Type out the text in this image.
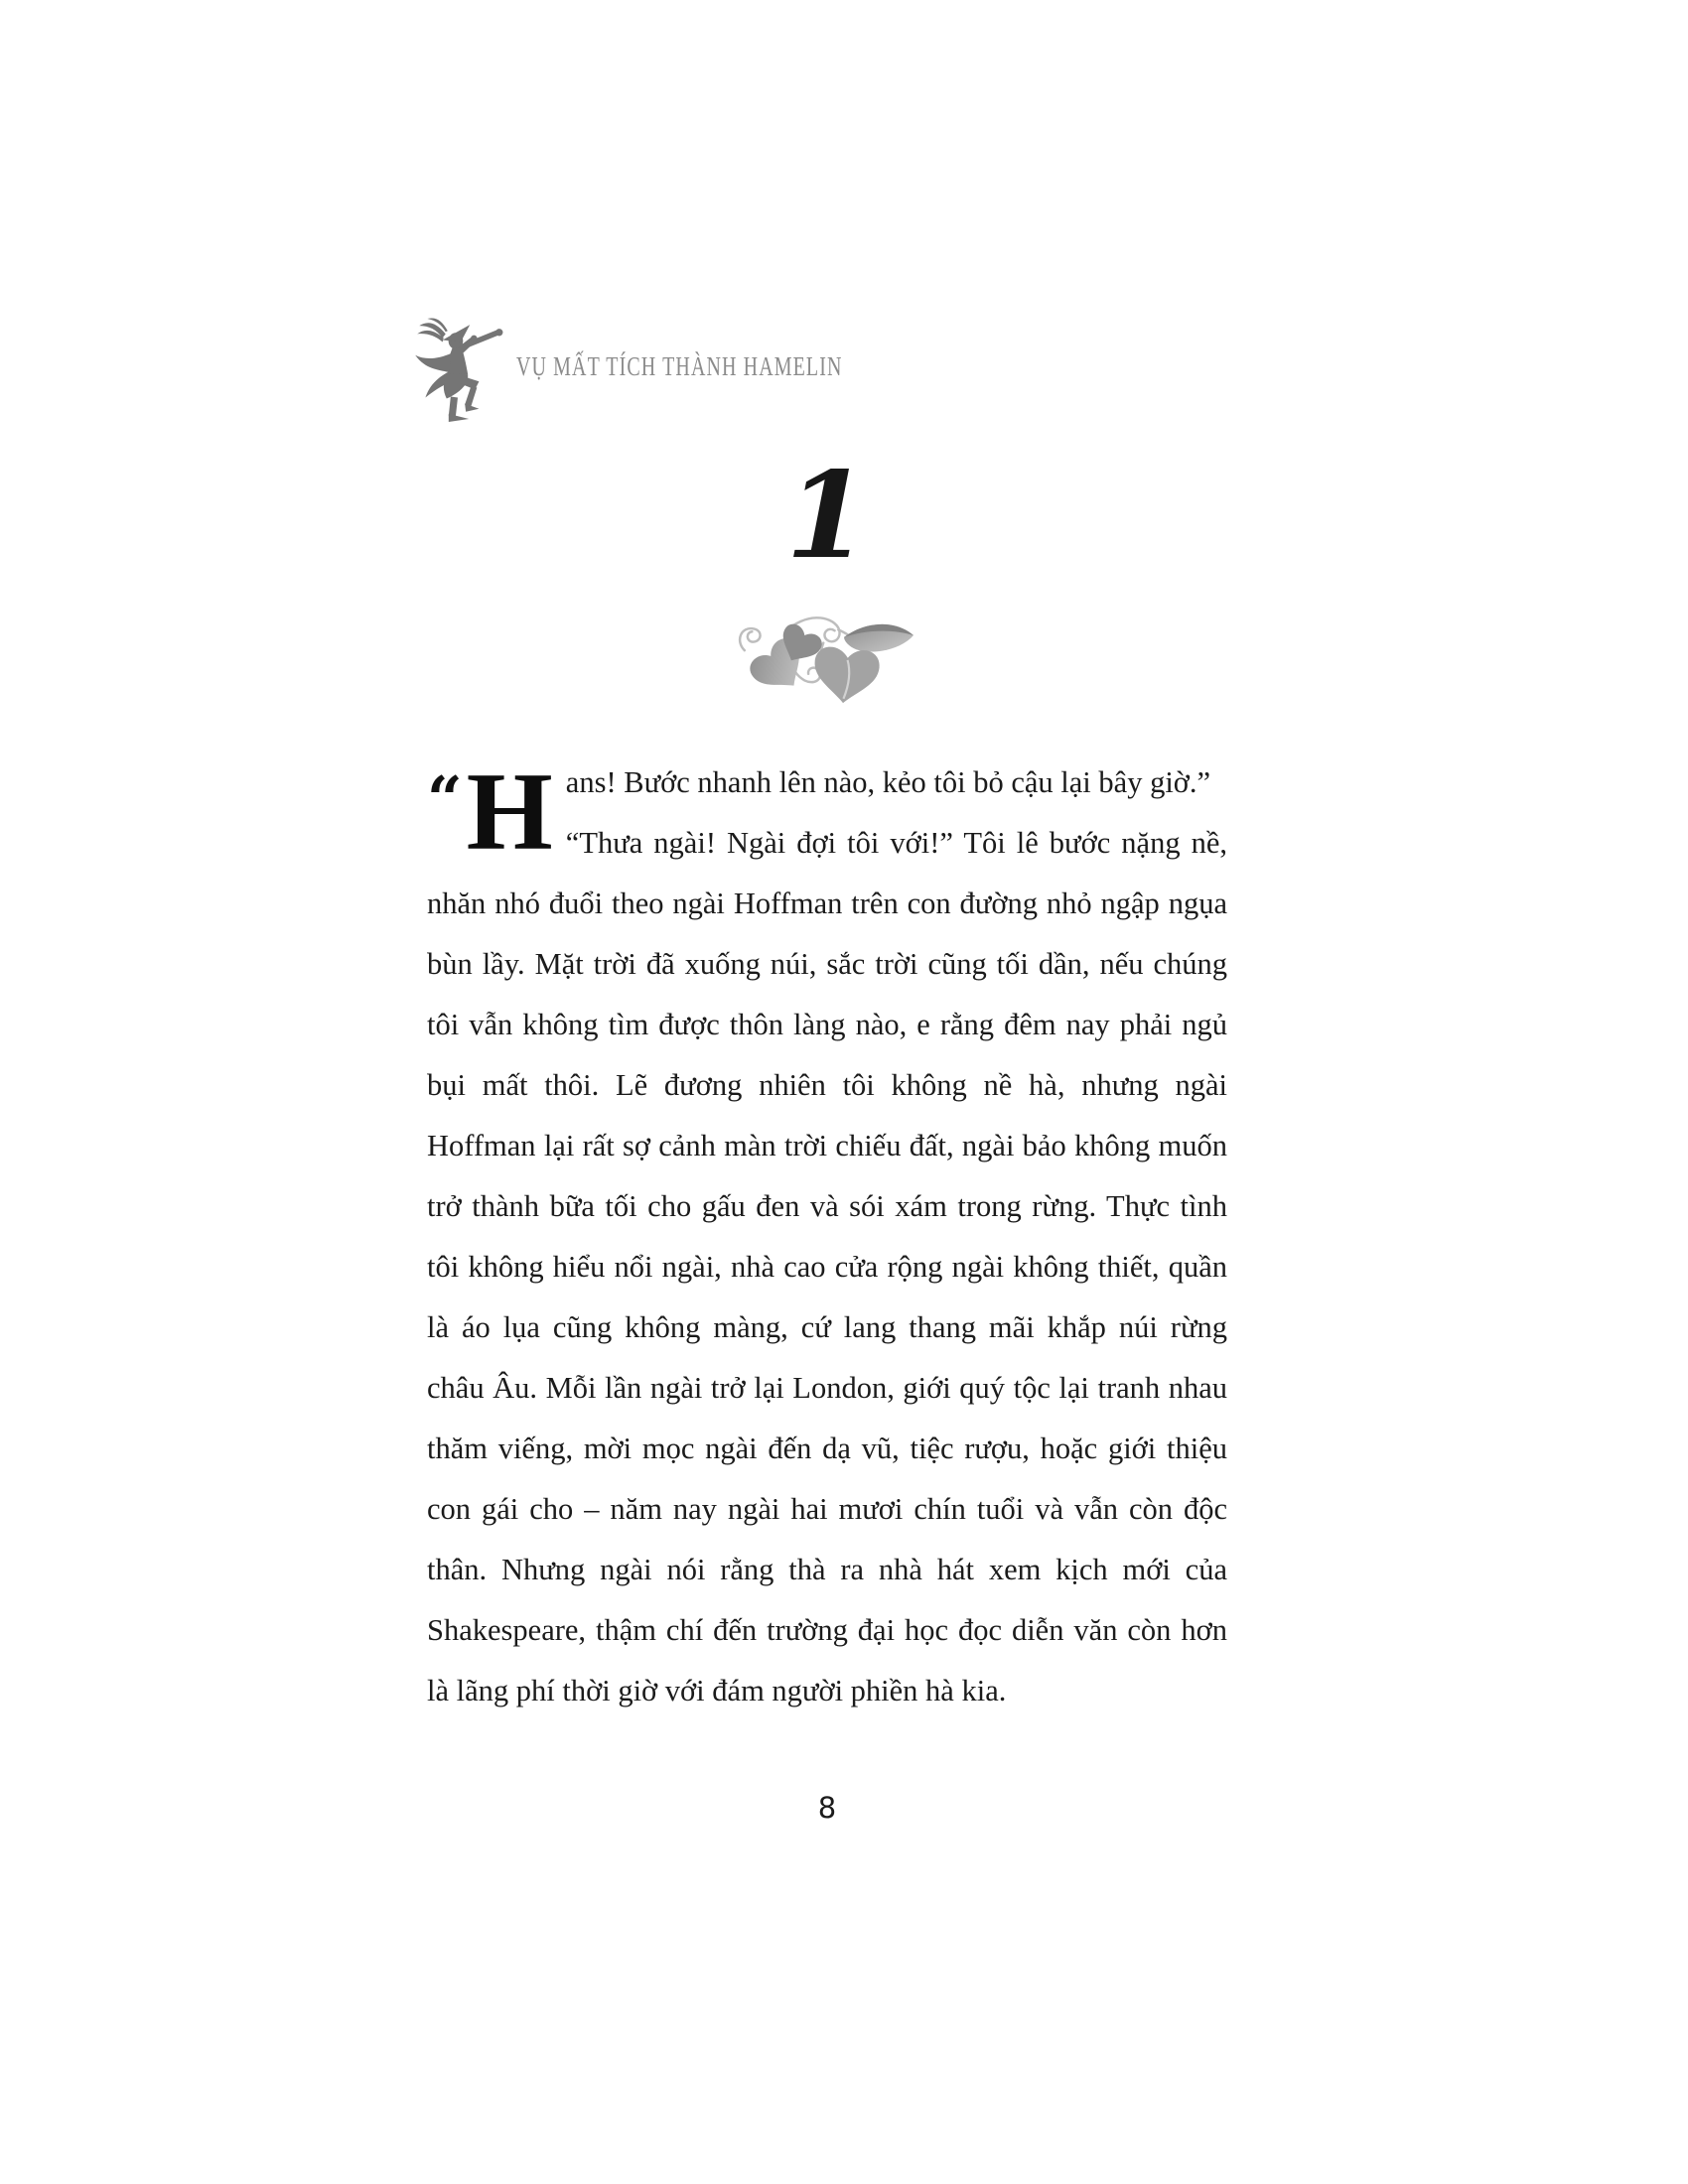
VỤ MẤT TÍCH THÀNH HAMELIN
1
“ H ans! Bước nhanh lên nào, kẻo tôi bỏ cậu lại bây giờ.”

“Thưa ngài! Ngài đợi tôi với!” Tôi lê bước nặng nề, nhăn nhó đuổi theo ngài Hoffman trên con đường nhỏ ngập ngụa bùn lầy. Mặt trời đã xuống núi, sắc trời cũng tối dần, nếu chúng tôi vẫn không tìm được thôn làng nào, e rằng đêm nay phải ngủ bụi mất thôi. Lẽ đương nhiên tôi không nề hà, nhưng ngài Hoffman lại rất sợ cảnh màn trời chiếu đất, ngài bảo không muốn trở thành bữa tối cho gấu đen và sói xám trong rừng. Thực tình tôi không hiểu nổi ngài, nhà cao cửa rộng ngài không thiết, quần là áo lụa cũng không màng, cứ lang thang mãi khắp núi rừng châu Âu. Mỗi lần ngài trở lại London, giới quý tộc lại tranh nhau thăm viếng, mời mọc ngài đến dạ vũ, tiệc rượu, hoặc giới thiệu con gái cho – năm nay ngài hai mươi chín tuổi và vẫn còn độc thân. Nhưng ngài nói rằng thà ra nhà hát xem kịch mới của Shakespeare, thậm chí đến trường đại học đọc diễn văn còn hơn là lãng phí thời giờ với đám người phiền hà kia.

8
